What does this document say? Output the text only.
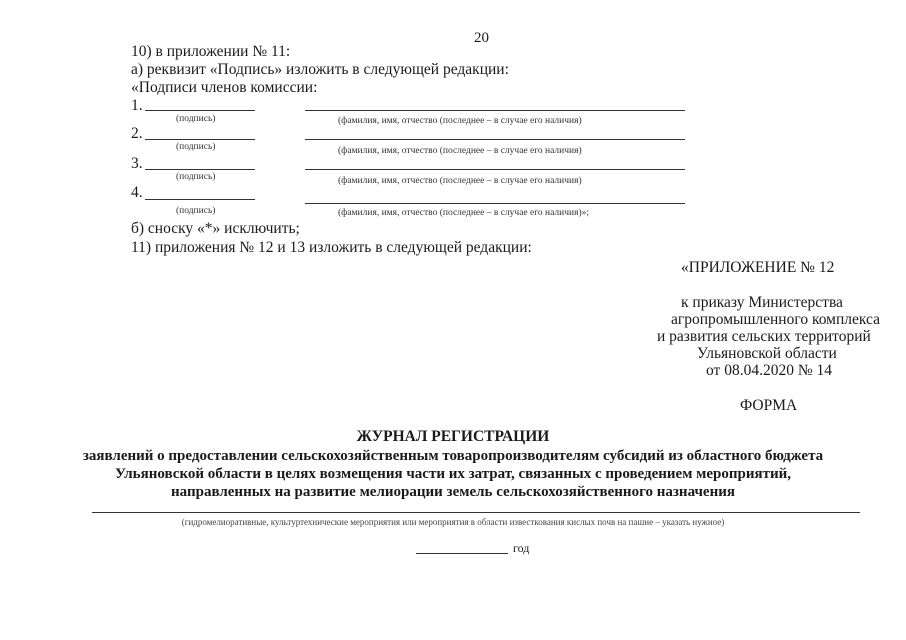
20
10) в приложении № 11:
а) реквизит «Подпись» изложить в следующей редакции:
«Подписи членов комиссии:
1.
(подпись)	(фамилия, имя, отчество (последнее – в случае его наличия)
2.
(подпись)	(фамилия, имя, отчество (последнее – в случае его наличия)
3.
(подпись)	(фамилия, имя, отчество (последнее – в случае его наличия)
4.
(подпись)	(фамилия, имя, отчество (последнее – в случае его наличия)»;
б) сноску «*» исключить;
11) приложения № 12 и 13 изложить в следующей редакции:
«ПРИЛОЖЕНИЕ № 12
к приказу Министерства
агропромышленного комплекса
и развития сельских территорий
Ульяновской области
от 08.04.2020 № 14
ФОРМА
ЖУРНАЛ РЕГИСТРАЦИИ
заявлений о предоставлении сельскохозяйственным товаропроизводителям субсидий из областного бюджета
Ульяновской области в целях возмещения части их затрат, связанных с проведением мероприятий,
направленных на развитие мелиорации земель сельскохозяйственного назначения
(гидромелиоративные, культуртехнические мероприятия или мероприятия в области известкования кислых почв на пашне – указать нужное)
год
